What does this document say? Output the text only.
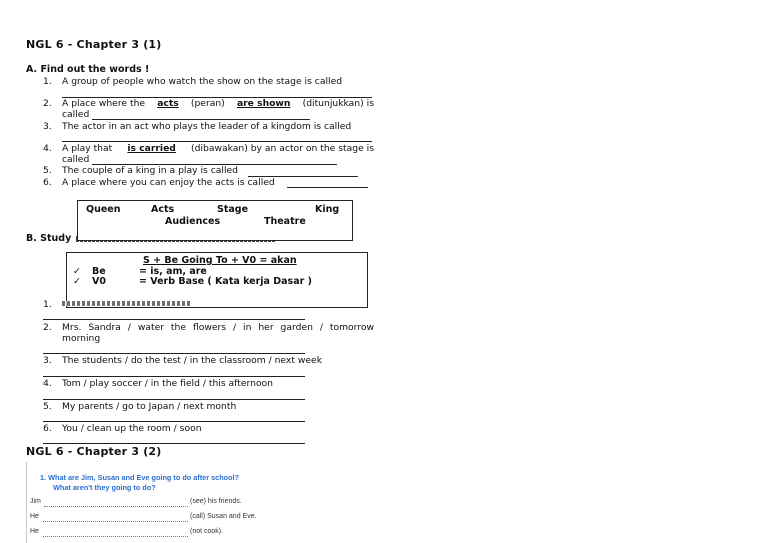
NGL 6 - Chapter 3 (1)
A. Find out the words !
1. A group of people who watch the show on the stage is called
2. A place where the acts (peran) are shown (ditunjukkan) is
called
3. The actor in an act who plays the leader of a kingdom is called
4. A play that is carried (dibawakan) by an actor on the stage is
called
5. The couple of a king in a play is called
6. A place where you can enjoy the acts is called
B. Study
Queen	Acts	Stage	King
Audiences	Theatre
S + Be Going To + V0 = akan
✓ Be	= is, am, are
✓ V0	= Verb Base ( Kata kerja Dasar )
1.
2. Mrs. Sandra / water the flowers / in her garden / tomorrow
morning
3. The students / do the test / in the classroom / next week
4. Tom / play soccer / in the field / this afternoon
5. My parents / go to Japan / next month
6. You / clean up the room / soon
NGL 6 - Chapter 3 (2)
1. What are Jim, Susan and Eve going to do after school?
What aren't they going to do?
Jim	(see) his friends.
He	(call) Susan and Eve.
He	(not cook).
